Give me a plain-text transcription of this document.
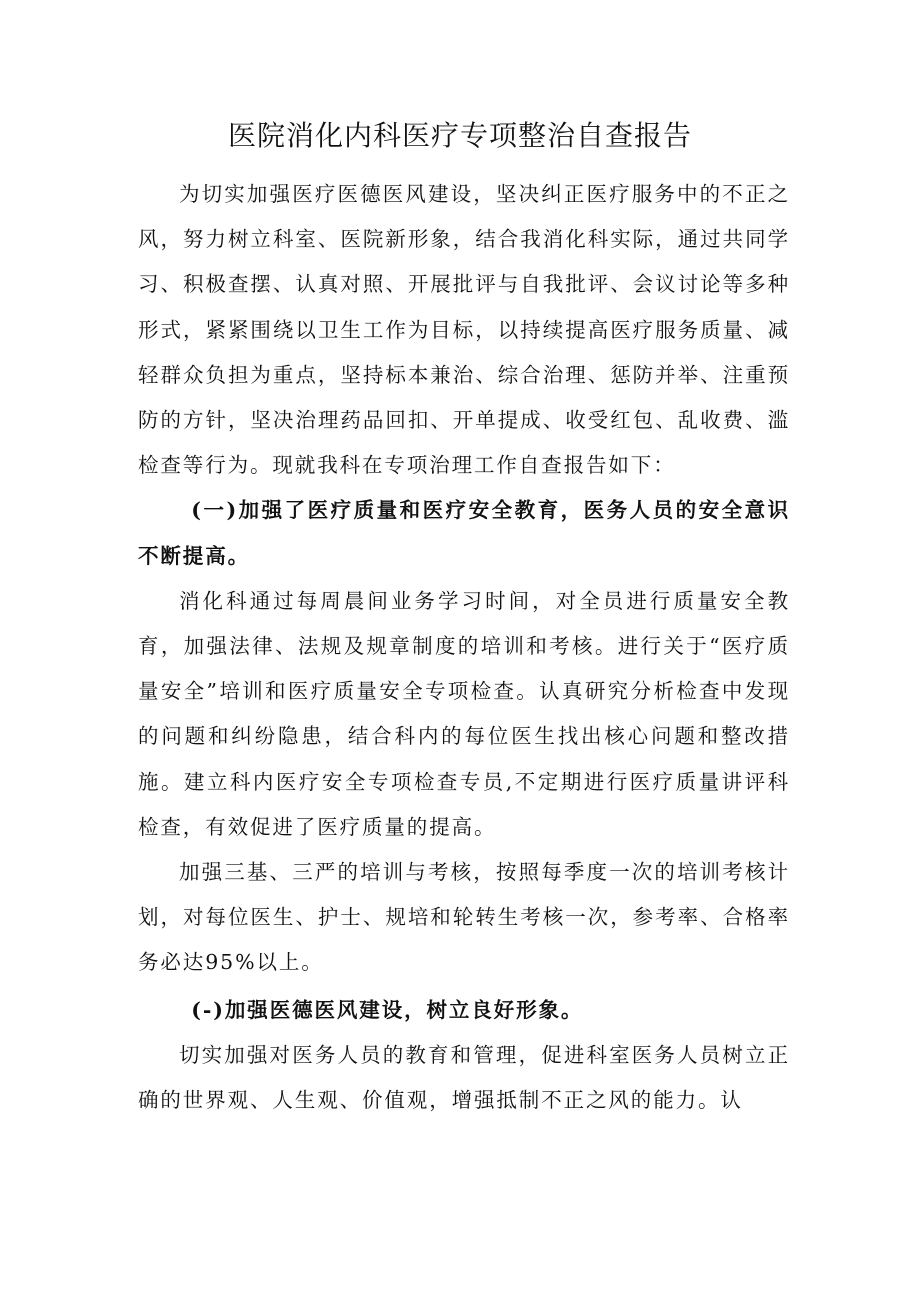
医院消化内科医疗专项整治自查报告

为切实加强医疗医德医风建设，坚决纠正医疗服务中的不正之风，努力树立科室、医院新形象，结合我消化科实际，通过共同学习、积极查摆、认真对照、开展批评与自我批评、会议讨论等多种形式，紧紧围绕以卫生工作为目标，以持续提高医疗服务质量、减轻群众负担为重点，坚持标本兼治、综合治理、惩防并举、注重预防的方针，坚决治理药品回扣、开单提成、收受红包、乱收费、滥检查等行为。现就我科在专项治理工作自查报告如下：

(一)加强了医疗质量和医疗安全教育，医务人员的安全意识不断提高。

消化科通过每周晨间业务学习时间，对全员进行质量安全教育，加强法律、法规及规章制度的培训和考核。进行关于“医疗质量安全”培训和医疗质量安全专项检查。认真研究分析检查中发现的问题和纠纷隐患，结合科内的每位医生找出核心问题和整改措施。建立科内医疗安全专项检查专员,不定期进行医疗质量讲评科检查，有效促进了医疗质量的提高。

加强三基、三严的培训与考核，按照每季度一次的培训考核计划，对每位医生、护士、规培和轮转生考核一次，参考率、合格率务必达95%以上。

(-)加强医德医风建设，树立良好形象。

切实加强对医务人员的教育和管理，促进科室医务人员树立正确的世界观、人生观、价值观，增强抵制不正之风的能力。认
